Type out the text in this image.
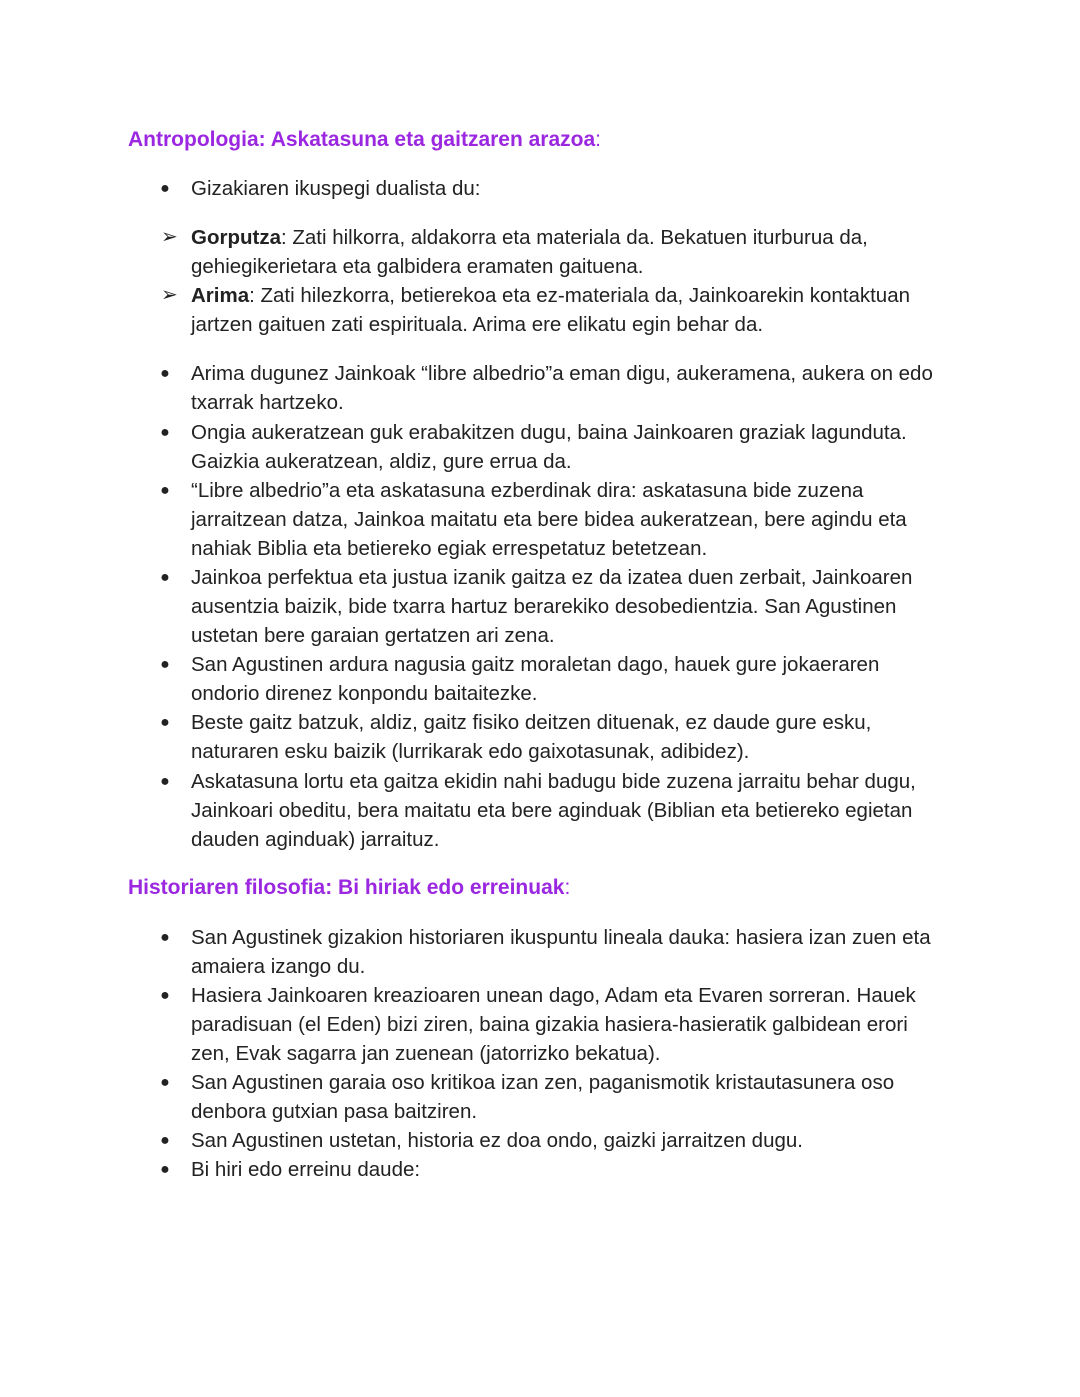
Antropologia: Askatasuna eta gaitzaren arazoa:
● Gizakiaren ikuspegi dualista du:
➢ Gorputza: Zati hilkorra, aldakorra eta materiala da. Bekatuen iturburua da, gehiegikerietara eta galbidera eramaten gaituena.
➢ Arima: Zati hilezkorra, betierekoa eta ez-materiala da, Jainkoarekin kontaktuan jartzen gaituen zati espirituala. Arima ere elikatu egin behar da.
● Arima dugunez Jainkoak “libre albedrio”a eman digu, aukeramena, aukera on edo txarrak hartzeko.
● Ongia aukeratzean guk erabakitzen dugu, baina Jainkoaren graziak lagunduta. Gaizkia aukeratzean, aldiz, gure errua da.
● “Libre albedrio”a eta askatasuna ezberdinak dira: askatasuna bide zuzena jarraitzean datza, Jainkoa maitatu eta bere bidea aukeratzean, bere agindu eta nahiak Biblia eta betiereko egiak errespetatuz betetzean.
● Jainkoa perfektua eta justua izanik gaitza ez da izatea duen zerbait, Jainkoaren ausentzia baizik, bide txarra hartuz berarekiko desobedientzia. San Agustinen ustetan bere garaian gertatzen ari zena.
● San Agustinen ardura nagusia gaitz moraletan dago, hauek gure jokaeraren ondorio direnez konpondu baitaitezke.
● Beste gaitz batzuk, aldiz, gaitz fisiko deitzen dituenak, ez daude gure esku, naturaren esku baizik (lurrikarak edo gaixotasunak, adibidez).
● Askatasuna lortu eta gaitza ekidin nahi badugu bide zuzena jarraitu behar dugu, Jainkoari obeditu, bera maitatu eta bere aginduak (Biblian eta betiereko egietan dauden aginduak) jarraituz.
Historiaren filosofia: Bi hiriak edo erreinuak:
● San Agustinek gizakion historiaren ikuspuntu lineala dauka: hasiera izan zuen eta amaiera izango du.
● Hasiera Jainkoaren kreazioaren unean dago, Adam eta Evaren sorreran. Hauek paradisuan (el Eden) bizi ziren, baina gizakia hasiera-hasieratik galbidean erori zen, Evak sagarra jan zuenean (jatorrizko bekatua).
● San Agustinen garaia oso kritikoa izan zen, paganismotik kristautasunera oso denbora gutxian pasa baitziren.
● San Agustinen ustetan, historia ez doa ondo, gaizki jarraitzen dugu.
● Bi hiri edo erreinu daude:
